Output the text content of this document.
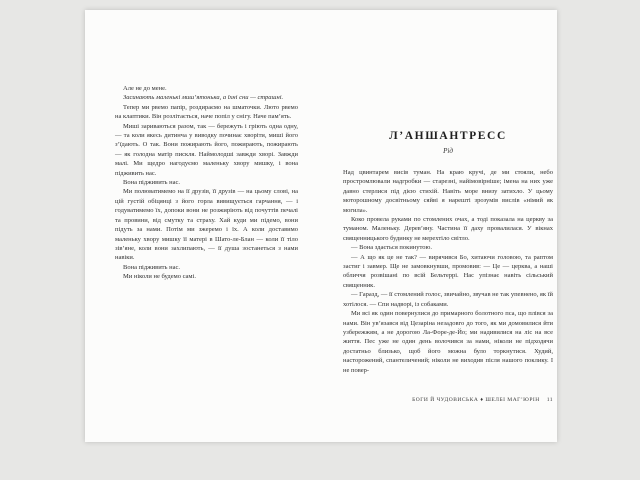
Але не до мене.

Засинають маленькі миш’ятонька, а їхні сни — страшні.

Тепер ми рвемо папір, роздираємо на шматочки. Люто рвемо на клаптики. Він розлітається, наче попіл у снігу. Наче пам’ять.

Миші зариваються разом, так — бережуть і гріють одна одну, — та коли якесь дитинча у виводку починає хворіти, миші його з’їдають. О так. Вони пожирають його, пожирають, пожирають — як голодна матір пискля. Наймолодші завжди хворі. Завжди малі. Ми щедро нагодуємо маленьку хвору мишку, і вона підживить нас.

Вона підживить нас.

Ми полюватимемо на її друзів, її друзів — на цьому слові, на цій густій обіцянці з його горла вивищується гарчання, — і годуватимемо їх, допоки вони не розжиріють від почуттів печалі та провини, від смутку та страху. Хай куди ми підемо, вони підуть за нами. Потім ми зжеремо і їх. А коли доставимо маленьку хвору мишку її матері в Шато-ле-Блан — коли її тіло зів’яне, коли вони захлипають, — її душа зостанеться з нами навіки.

Вона підживить нас.

Ми ніколи не будемо самі.

Л’АНШАНТРЕСС
Рід

Над цвинтарем висів туман. На краю кручі, де ми стояли, небо простромлювали надгробки — старезні, найімовірніше; імена на них уже давно стерлися під дією стихій. Навіть море внизу затихло. У цьому моторошному досвітньому сяйві я нарешті зрозумів вислів «німий як могила».

Коко провела руками по стомлених очах, а тоді показала на церкву за туманом. Маленьку. Дерев’яну. Частина її даху провалилася. У вікнах священницького будинку не мерехтіло світло.

— Вона здається покинутою.

— А що як це не так? — вирячився Бо, хитаючи головою, та раптом застиг і завмер. Ще не замовкнувши, промовив: — Це — церква, а наші обличчя розвішані по всій Бельтеррі. Нас упізнає навіть сільський священник.

— Гаразд, — її стомлений голос, звичайно, звучав не так упевнено, як їй хотілося. — Спи надворі, із собаками.

Ми всі як один повернулися до примарного болотного пса, що плівся за нами. Він ув’язався від Цезаріна незадовго до того, як ми домовилися йти узбережжям, а не дорогою Ла-Форе-де-Йо; ми надивилися на ліс на все життя. Пес уже не один день волочився за нами, ніколи не підходячи достатньо близько, щоб його можна було торкнутися. Худий, насторожений, спантеличений; ніколи не виходив після нашого поклику. І не повер-

БОГИ Й ЧУДОВИСЬКА ♦ ШЕЛБІ МАГ’ЮРІН 11
